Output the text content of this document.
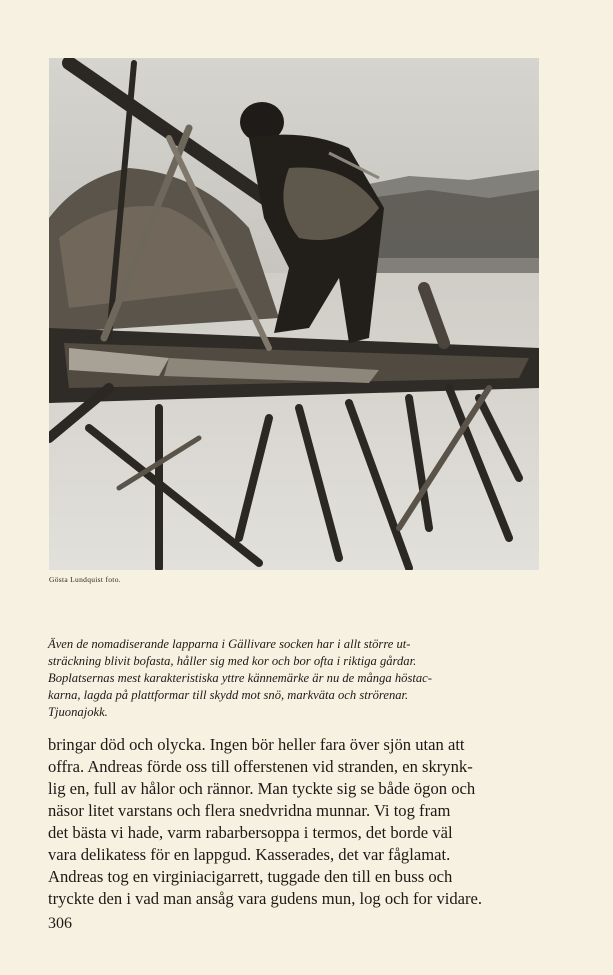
Gösta Lundquist foto.
Även de nomadiserande lapparna i Gällivare socken har i allt större ut-
sträckning blivit bofasta, håller sig med kor och bor ofta i riktiga gårdar.
Boplatsernas mest karakteristiska yttre kännemärke är nu de många höstac-
karna, lagda på plattformar till skydd mot snö, markväta och strörenar.
Tjuonajokk.
bringar död och olycka. Ingen bör heller fara över sjön utan att
offra. Andreas förde oss till offerstenen vid stranden, en skrynk-
lig en, full av hålor och rännor. Man tyckte sig se både ögon och
näsor litet varstans och flera snedvridna munnar. Vi tog fram
det bästa vi hade, varm rabarbersoppa i termos, det borde väl
vara delikatess för en lappgud. Kasserades, det var fåglamat.
Andreas tog en virginiacigarrett, tuggade den till en buss och
tryckte den i vad man ansåg vara gudens mun, log och for vidare.
306
